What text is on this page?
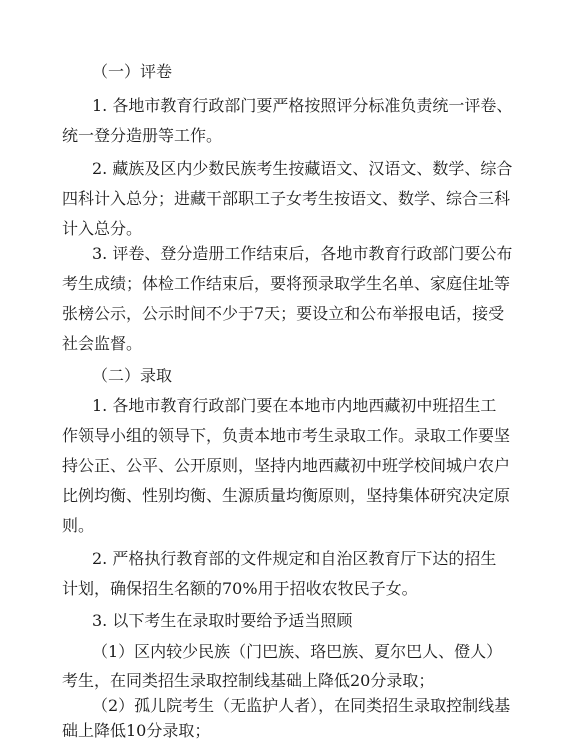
（一）评卷
1. 各地市教育行政部门要严格按照评分标准负责统一评卷、
统一登分造册等工作。
2. 藏族及区内少数民族考生按藏语文、汉语文、数学、综合
四科计入总分；进藏干部职工子女考生按语文、数学、综合三科
计入总分。
3. 评卷、登分造册工作结束后，各地市教育行政部门要公布
考生成绩；体检工作结束后，要将预录取学生名单、家庭住址等
张榜公示，公示时间不少于7天；要设立和公布举报电话，接受
社会监督。
（二）录取
1. 各地市教育行政部门要在本地市内地西藏初中班招生工
作领导小组的领导下，负责本地市考生录取工作。录取工作要坚
持公正、公平、公开原则，坚持内地西藏初中班学校间城户农户
比例均衡、性别均衡、生源质量均衡原则，坚持集体研究决定原
则。
2. 严格执行教育部的文件规定和自治区教育厅下达的招生
计划，确保招生名额的70%用于招收农牧民子女。
3. 以下考生在录取时要给予适当照顾
（1）区内较少民族（门巴族、珞巴族、夏尔巴人、僜人）
考生，在同类招生录取控制线基础上降低20分录取；
（2）孤儿院考生（无监护人者），在同类招生录取控制线基
础上降低10分录取；
